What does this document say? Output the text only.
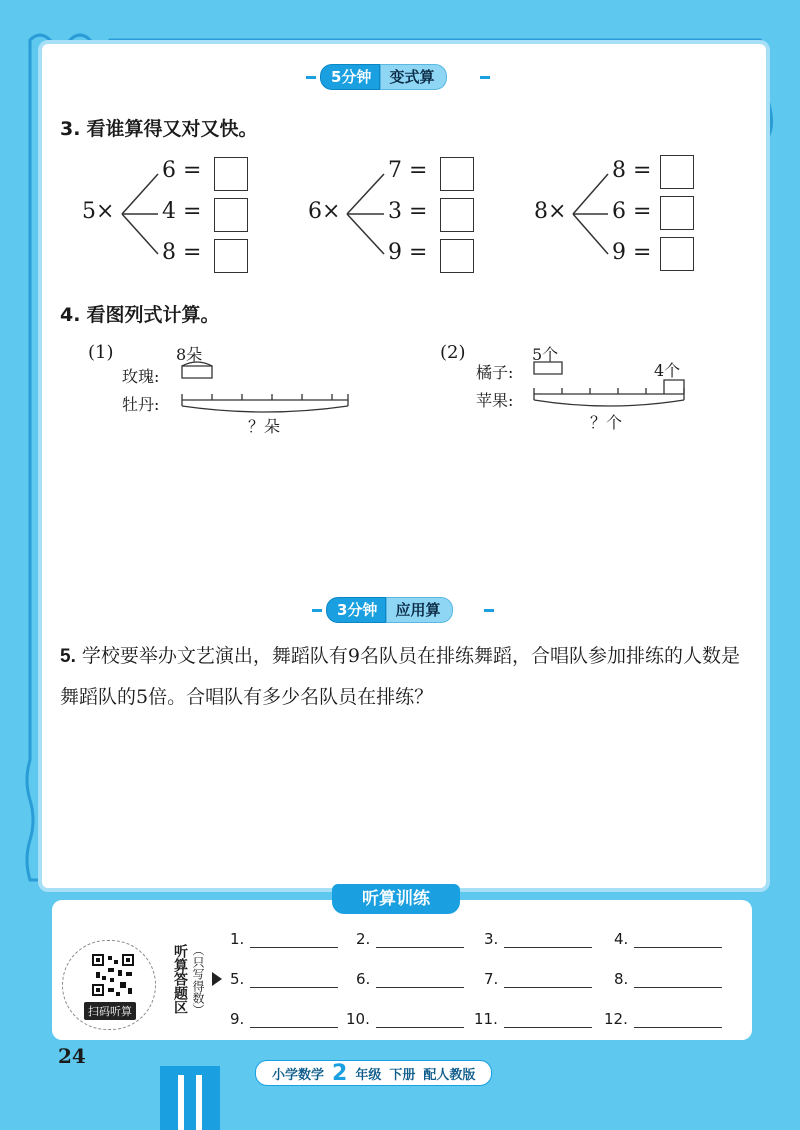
5分钟	变式算
3. 看谁算得又对又快。
5×
6 =
4 =
8 =
6×
7 =
3 =
9 =
8×
8 =
6 =
9 =
4. 看图列式计算。
(1)	8朵
玫瑰:
牡丹:
？朵
(2)	5个
4个
橘子:
苹果:
？个
3分钟	应用算
5. 学校要举办文艺演出，舞蹈队有9名队员在排练舞蹈，合唱队参加排练的人数是舞蹈队的5倍。合唱队有多少名队员在排练？
听算训练
扫码听算	听算答题区 （只写得数）
1.	2.	3.	4.
5.	6.	7.	8.
9.	10.	11.	12.
24
小学数学 2 年级 下册 配人教版
